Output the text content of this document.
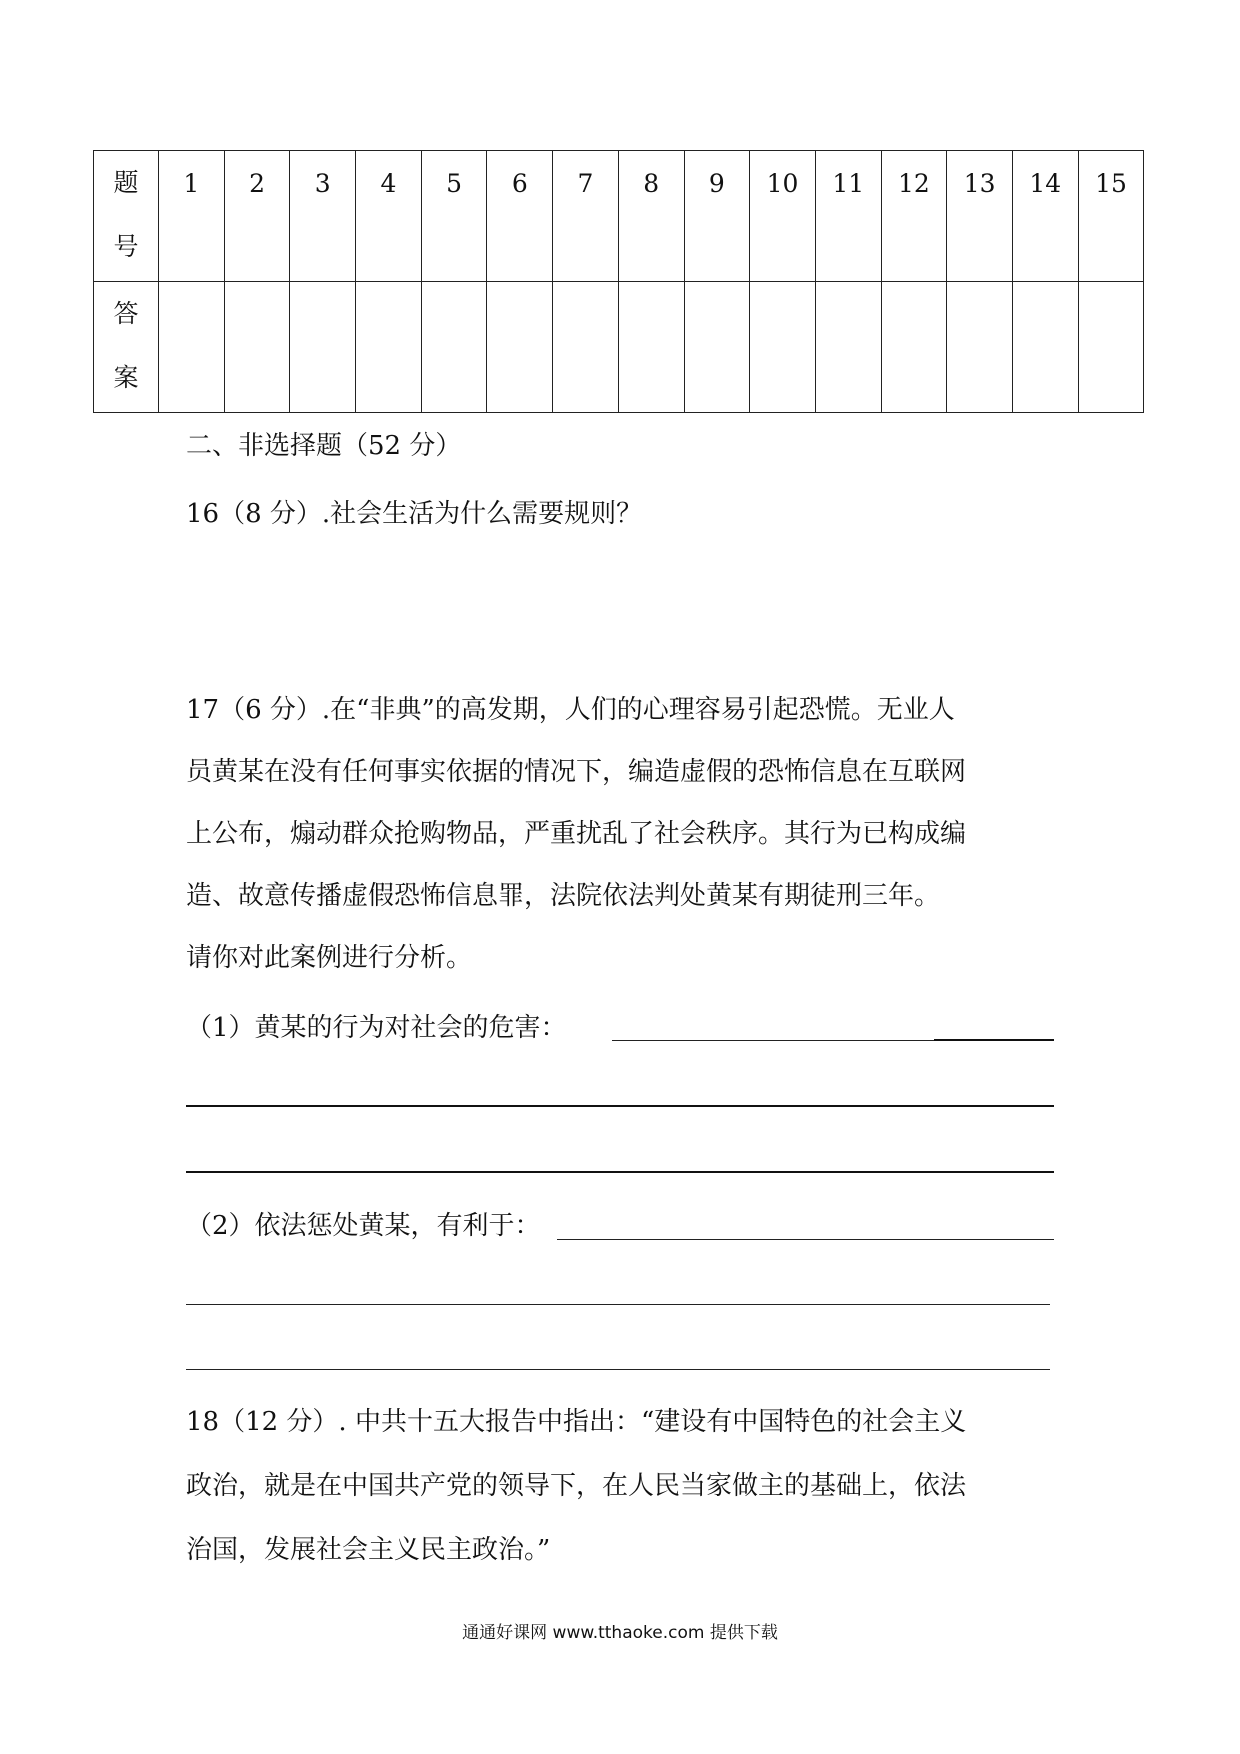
题
号	1	2	3	4	5	6	7	8	9	10	11	12	13	14	15

答
案															

二、非选择题（52 分）
16（8 分）.社会生活为什么需要规则？
17（6 分）.在“非典”的高发期，人们的心理容易引起恐慌。无业人
员黄某在没有任何事实依据的情况下，编造虚假的恐怖信息在互联网
上公布，煽动群众抢购物品，严重扰乱了社会秩序。其行为已构成编
造、故意传播虚假恐怖信息罪，法院依法判处黄某有期徒刑三年。
请你对此案例进行分析。
（1）黄某的行为对社会的危害：
（2）依法惩处黄某，有利于：
18（12 分）. 中共十五大报告中指出：“建设有中国特色的社会主义
政治，就是在中国共产党的领导下，在人民当家做主的基础上，依法
治国，发展社会主义民主政治。”
通通好课网 www.tthaoke.com 提供下载
